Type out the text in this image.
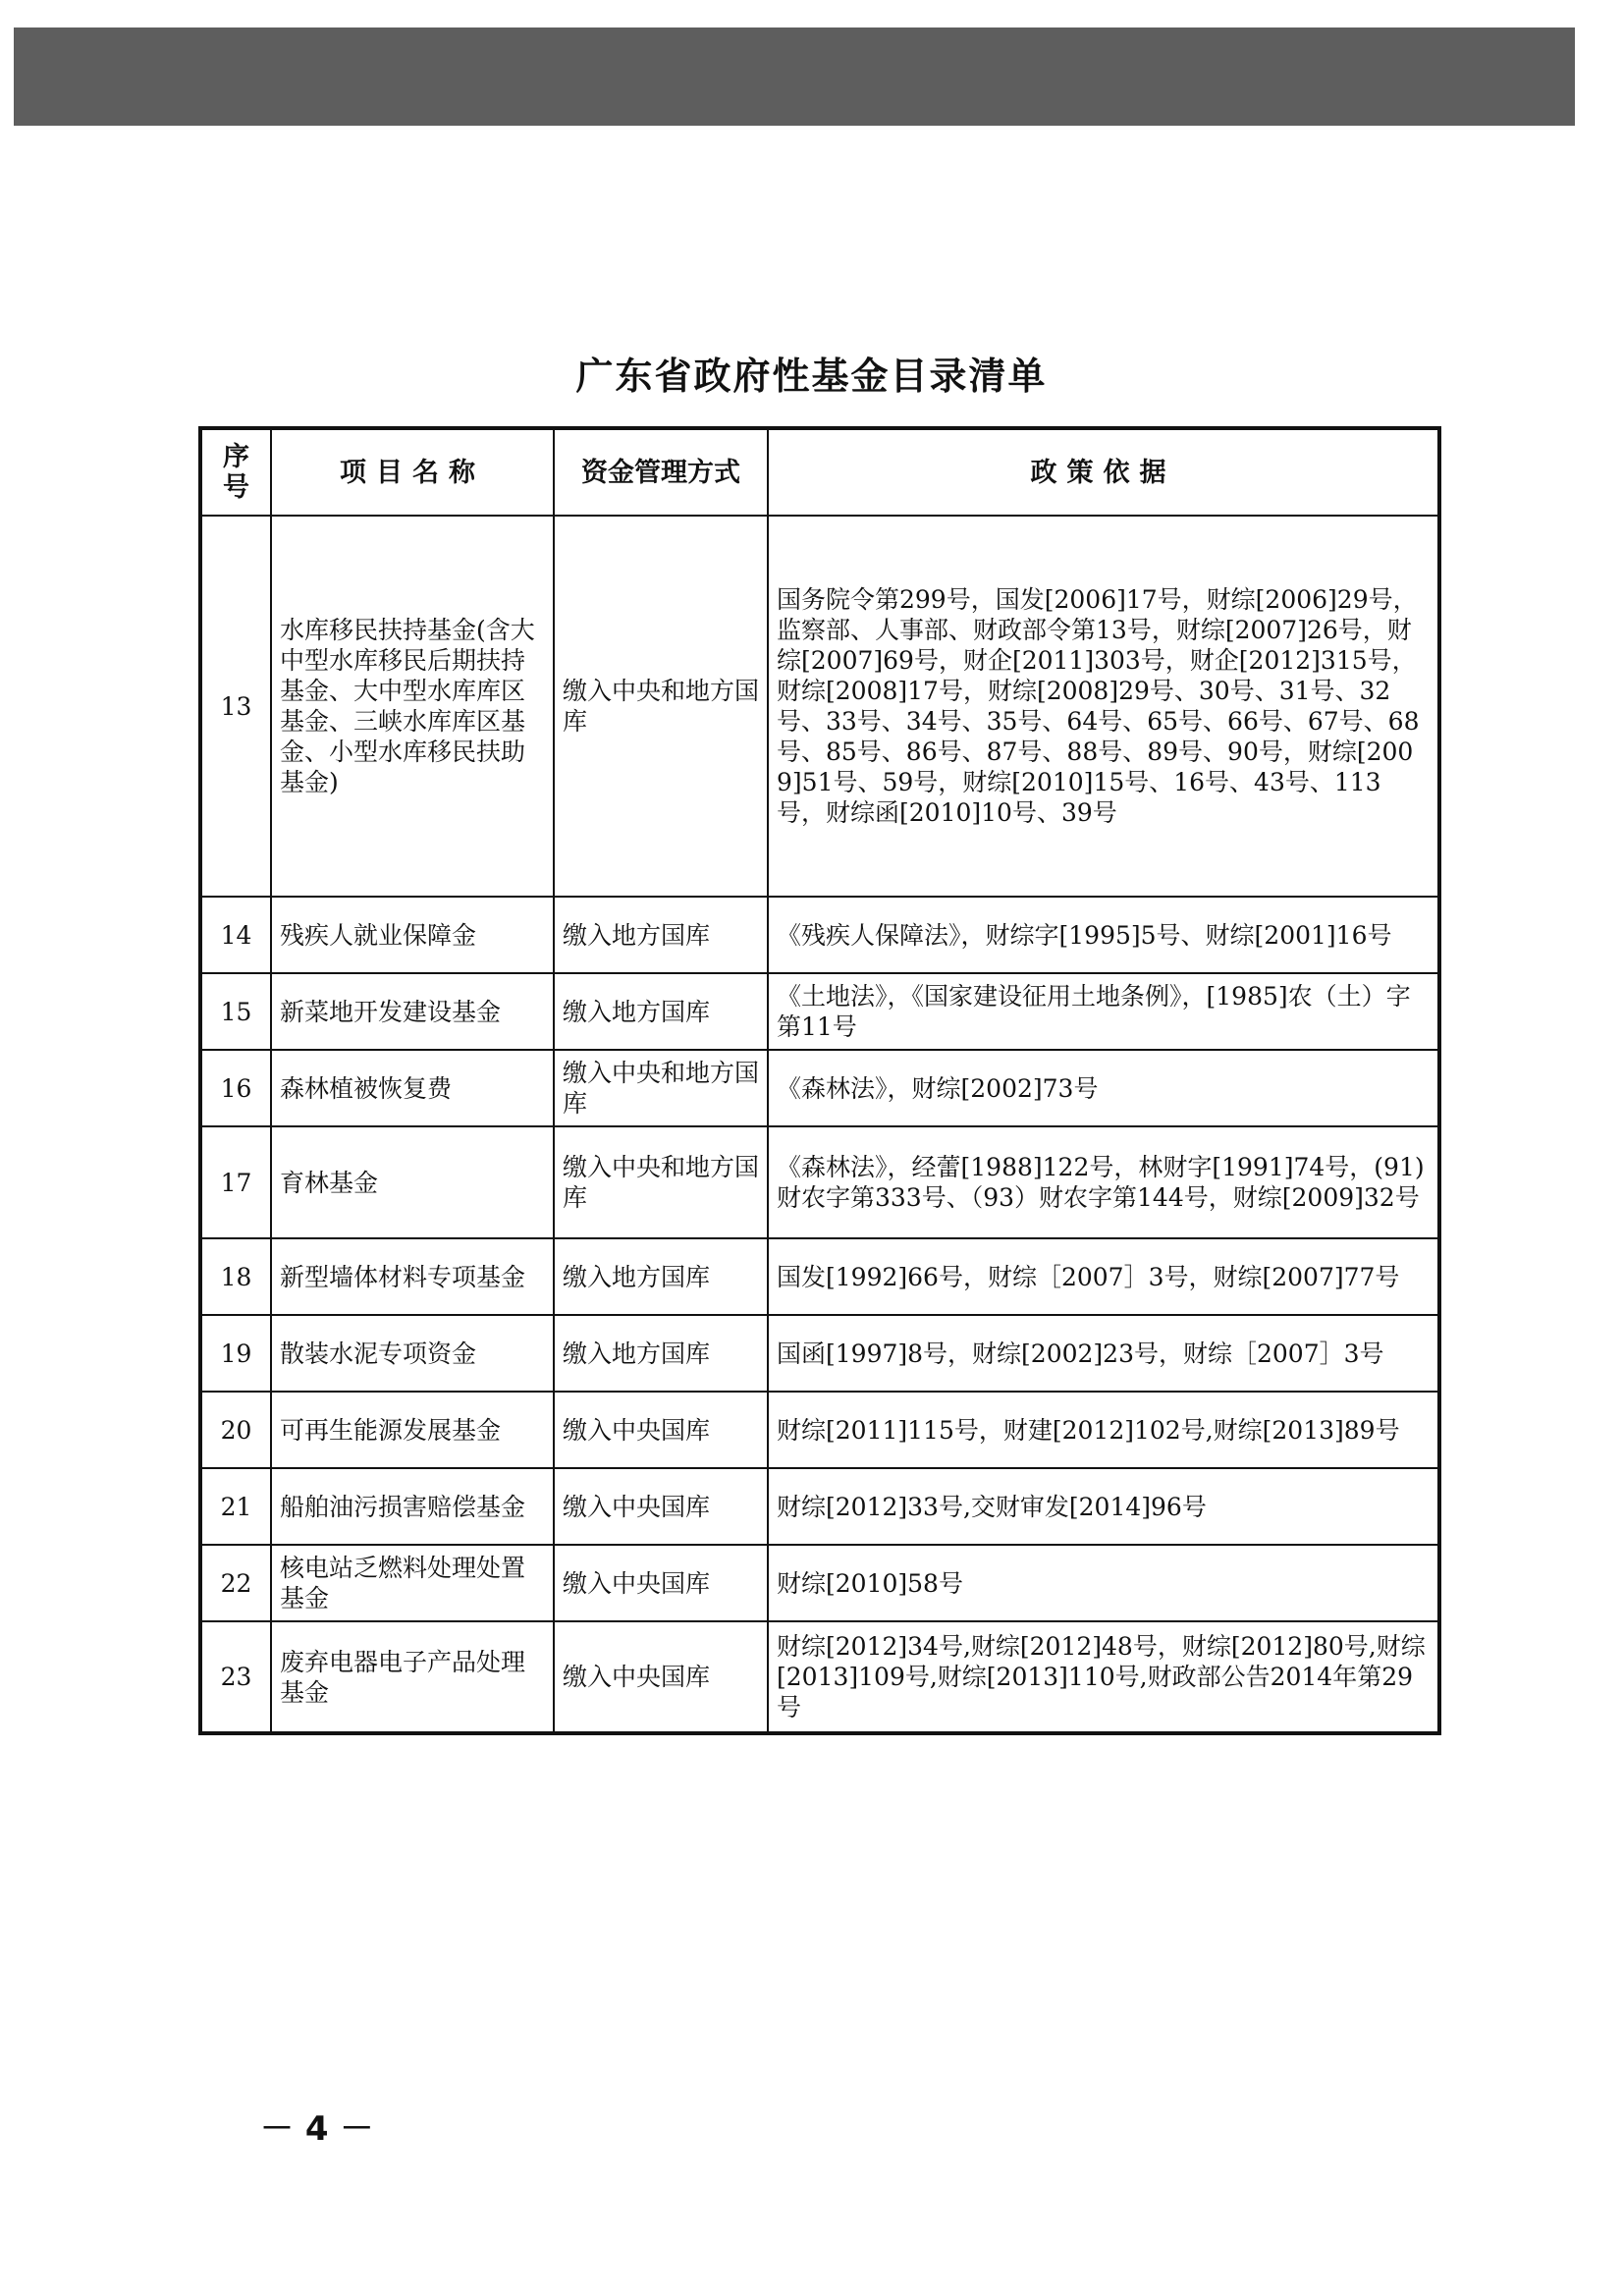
广东省政府性基金目录清单
序号	项目名称	资金管理方式	政策依据
13	水库移民扶持基金(含大中型水库移民后期扶持基金、大中型水库库区基金、三峡水库库区基金、小型水库移民扶助基金)	缴入中央和地方国库	国务院令第299号，国发[2006]17号，财综[2006]29号，监察部、人事部、财政部令第13号，财综[2007]26号，财综[2007]69号，财企[2011]303号，财企[2012]315号，财综[2008]17号，财综[2008]29号、30号、31号、32号、33号、34号、35号、64号、65号、66号、67号、68号、85号、86号、87号、88号、89号、90号，财综[2009]51号、59号，财综[2010]15号、16号、43号、113号，财综函[2010]10号、39号
14	残疾人就业保障金	缴入地方国库	《残疾人保障法》，财综字[1995]5号、财综[2001]16号
15	新菜地开发建设基金	缴入地方国库	《土地法》，《国家建设征用土地条例》，[1985]农（土）字第11号
16	森林植被恢复费	缴入中央和地方国库	《森林法》，财综[2002]73号
17	育林基金	缴入中央和地方国库	《森林法》，经蕾[1988]122号，林财字[1991]74号，(91)财农字第333号、（93）财农字第144号，财综[2009]32号
18	新型墙体材料专项基金	缴入地方国库	国发[1992]66号，财综［2007］3号，财综[2007]77号
19	散装水泥专项资金	缴入地方国库	国函[1997]8号，财综[2002]23号，财综［2007］3号
20	可再生能源发展基金	缴入中央国库	财综[2011]115号，财建[2012]102号,财综[2013]89号
21	船舶油污损害赔偿基金	缴入中央国库	财综[2012]33号,交财审发[2014]96号
22	核电站乏燃料处理处置基金	缴入中央国库	财综[2010]58号
23	废弃电器电子产品处理基金	缴入中央国库	财综[2012]34号,财综[2012]48号，财综[2012]80号,财综[2013]109号,财综[2013]110号,财政部公告2014年第29号
－ 4 －
